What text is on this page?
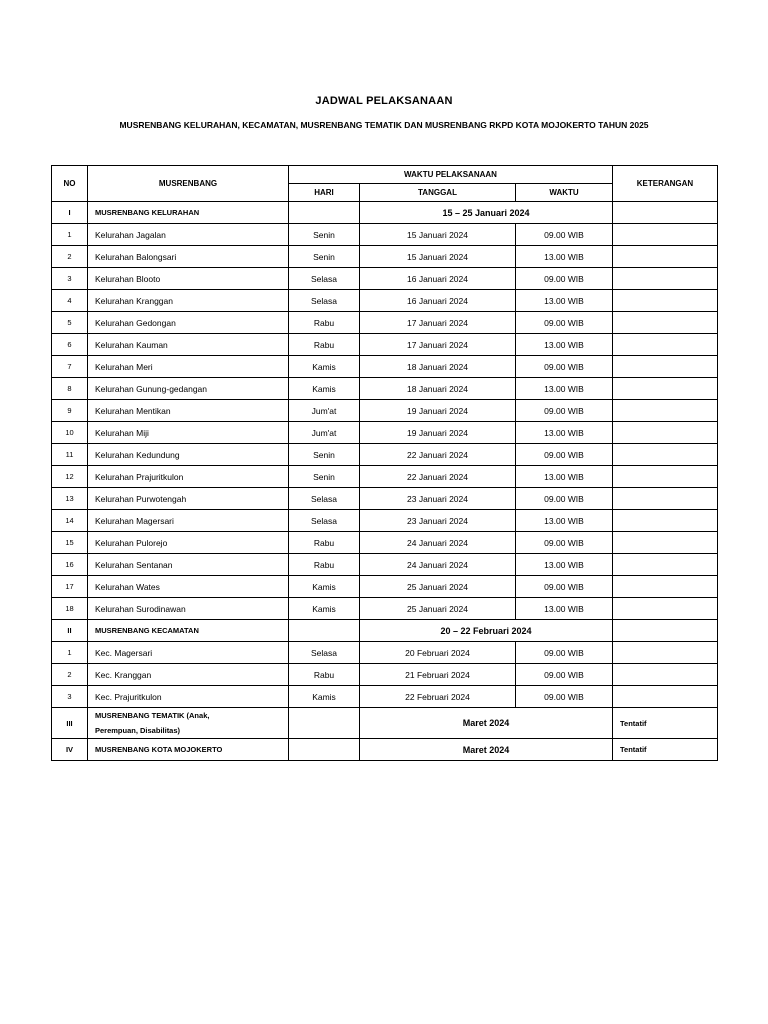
JADWAL PELAKSANAAN
MUSRENBANG KELURAHAN, KECAMATAN, MUSRENBANG TEMATIK DAN MUSRENBANG RKPD KOTA MOJOKERTO TAHUN 2025
NO	MUSRENBANG	WAKTU PELAKSANAAN			KETERANGAN
		HARI	TANGGAL	WAKTU	
I	MUSRENBANG KELURAHAN		15 – 25 Januari 2024		
1	Kelurahan Jagalan	Senin	15 Januari 2024	09.00 WIB	
2	Kelurahan Balongsari	Senin	15 Januari 2024	13.00 WIB	
3	Kelurahan Blooto	Selasa	16 Januari 2024	09.00 WIB	
4	Kelurahan Kranggan	Selasa	16 Januari 2024	13.00 WIB	
5	Kelurahan Gedongan	Rabu	17 Januari 2024	09.00 WIB	
6	Kelurahan Kauman	Rabu	17 Januari 2024	13.00 WIB	
7	Kelurahan Meri	Kamis	18 Januari 2024	09.00 WIB	
8	Kelurahan Gunung-gedangan	Kamis	18 Januari 2024	13.00 WIB	
9	Kelurahan Mentikan	Jum'at	19 Januari 2024	09.00 WIB	
10	Kelurahan Miji	Jum'at	19 Januari 2024	13.00 WIB	
11	Kelurahan Kedundung	Senin	22 Januari 2024	09.00 WIB	
12	Kelurahan Prajuritkulon	Senin	22 Januari 2024	13.00 WIB	
13	Kelurahan Purwotengah	Selasa	23 Januari 2024	09.00 WIB	
14	Kelurahan Magersari	Selasa	23 Januari 2024	13.00 WIB	
15	Kelurahan Pulorejo	Rabu	24 Januari 2024	09.00 WIB	
16	Kelurahan Sentanan	Rabu	24 Januari 2024	13.00 WIB	
17	Kelurahan Wates	Kamis	25 Januari 2024	09.00 WIB	
18	Kelurahan Surodinawan	Kamis	25 Januari 2024	13.00 WIB	
II	MUSRENBANG KECAMATAN		20 – 22 Februari 2024		
1	Kec. Magersari	Selasa	20 Februari 2024	09.00 WIB	
2	Kec. Kranggan	Rabu	21 Februari 2024	09.00 WIB	
3	Kec. Prajuritkulon	Kamis	22 Februari 2024	09.00 WIB	
III	MUSRENBANG TEMATIK (Anak, Perempuan, Disabilitas)		Maret 2024		Tentatif
IV	MUSRENBANG KOTA MOJOKERTO		Maret 2024		Tentatif
